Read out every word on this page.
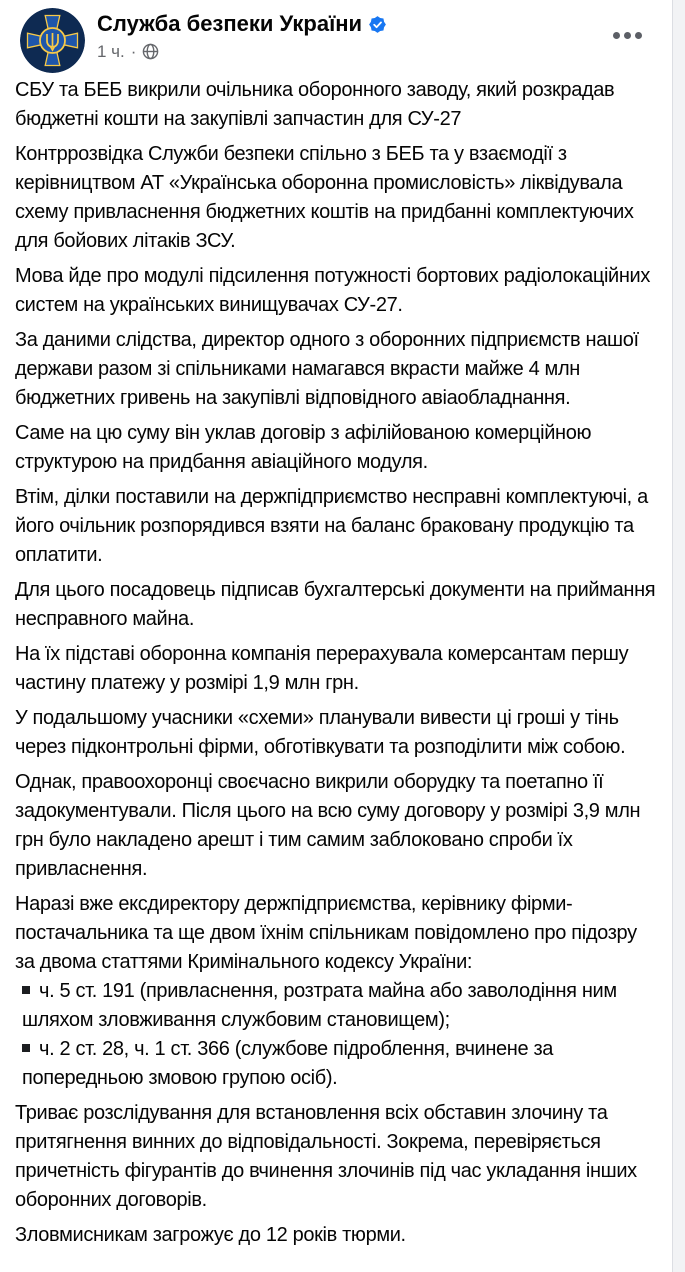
Служба безпеки України
1 ч. ·

СБУ та БЕБ викрили очільника оборонного заводу, який розкрадав бюджетні кошти на закупівлі запчастин для СУ-27

Контррозвідка Служби безпеки спільно з БЕБ та у взаємодії з керівництвом АТ «Українська оборонна промисловість» ліквідувала схему привласнення бюджетних коштів на придбанні комплектуючих для бойових літаків ЗСУ.

Мова йде про модулі підсилення потужності бортових радіолокаційних систем на українських винищувачах СУ-27.

За даними слідства, директор одного з оборонних підприємств нашої держави разом зі спільниками намагався вкрасти майже 4 млн бюджетних гривень на закупівлі відповідного авіаобладнання.

Саме на цю суму він уклав договір з афілійованою комерційною структурою на придбання авіаційного модуля.

Втім, ділки поставили на держпідприємство несправні комплектуючі, а його очільник розпорядився взяти на баланс браковану продукцію та оплатити.

Для цього посадовець підписав бухгалтерські документи на приймання несправного майна.

На їх підставі оборонна компанія перерахувала комерсантам першу частину платежу у розмірі 1,9 млн грн.

У подальшому учасники «схеми» планували вивести ці гроші у тінь через підконтрольні фірми, обготівкувати та розподілити між собою.

Однак, правоохоронці своєчасно викрили оборудку та поетапно її задокументували. Після цього на всю суму договору у розмірі 3,9 млн грн було накладено арешт і тим самим заблоковано спроби їх привласнення.

Наразі вже ексдиректору держпідприємства, керівнику фірми-постачальника та ще двом їхнім спільникам повідомлено про підозру за двома статтями Кримінального кодексу України:

ч. 5 ст. 191 (привласнення, розтрата майна або заволодіння ним шляхом зловживання службовим становищем);

ч. 2 ст. 28, ч. 1 ст. 366 (службове підроблення, вчинене за попередньою змовою групою осіб).

Триває розслідування для встановлення всіх обставин злочину та притягнення винних до відповідальності. Зокрема, перевіряється причетність фігурантів до вчинення злочинів під час укладання інших оборонних договорів.

Зловмисникам загрожує до 12 років тюрми.
